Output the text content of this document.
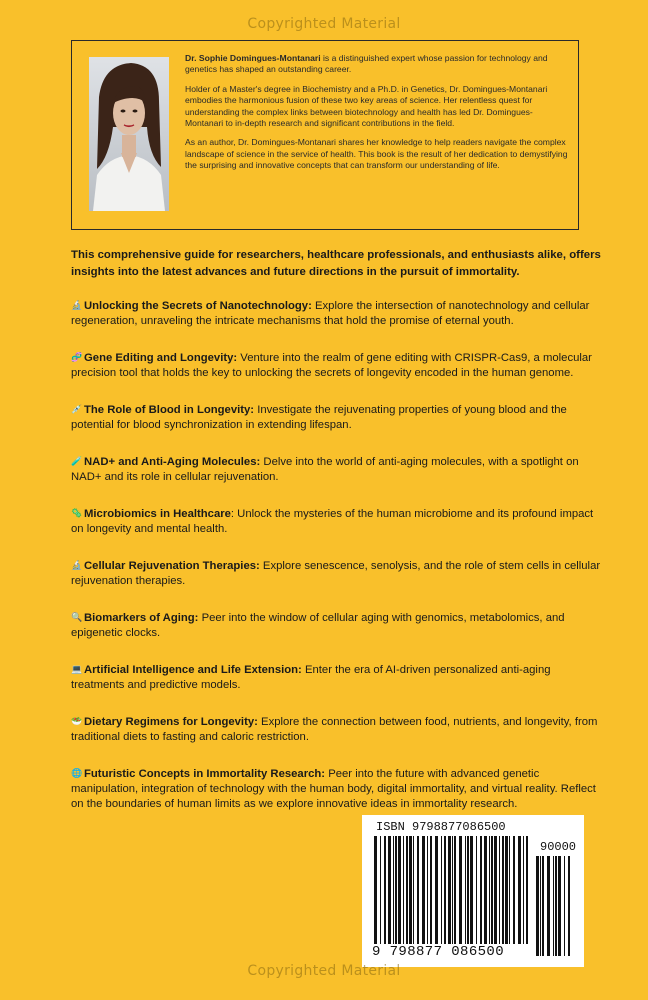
Copyrighted Material

Dr. Sophie Domingues-Montanari is a distinguished expert whose passion for technology and genetics has shaped an outstanding career.

Holder of a Master's degree in Biochemistry and a Ph.D. in Genetics, Dr. Domingues-Montanari embodies the harmonious fusion of these two key areas of science. Her relentless quest for understanding the complex links between biotechnology and health has led Dr. Domingues-Montanari to in-depth research and significant contributions in the field.

As an author, Dr. Domingues-Montanari shares her knowledge to help readers navigate the complex landscape of science in the service of health. This book is the result of her dedication to demystifying the surprising and innovative concepts that can transform our understanding of life.

This comprehensive guide for researchers, healthcare professionals, and enthusiasts alike, offers insights into the latest advances and future directions in the pursuit of immortality.

🔬 Unlocking the Secrets of Nanotechnology: Explore the intersection of nanotechnology and cellular regeneration, unraveling the intricate mechanisms that hold the promise of eternal youth.
🧬 Gene Editing and Longevity: Venture into the realm of gene editing with CRISPR-Cas9, a molecular precision tool that holds the key to unlocking the secrets of longevity encoded in the human genome.
💉 The Role of Blood in Longevity: Investigate the rejuvenating properties of young blood and the potential for blood synchronization in extending lifespan.
🧪 NAD+ and Anti-Aging Molecules: Delve into the world of anti-aging molecules, with a spotlight on NAD+ and its role in cellular rejuvenation.
🦠 Microbiomics in Healthcare: Unlock the mysteries of the human microbiome and its profound impact on longevity and mental health.
🔬 Cellular Rejuvenation Therapies: Explore senescence, senolysis, and the role of stem cells in cellular rejuvenation therapies.
🔍 Biomarkers of Aging: Peer into the window of cellular aging with genomics, metabolomics, and epigenetic clocks.
💻 Artificial Intelligence and Life Extension: Enter the era of AI-driven personalized anti-aging treatments and predictive models.
🥗 Dietary Regimens for Longevity: Explore the connection between food, nutrients, and longevity, from traditional diets to fasting and caloric restriction.
🌐 Futuristic Concepts in Immortality Research: Peer into the future with advanced genetic manipulation, integration of technology with the human body, digital immortality, and virtual reality. Reflect on the boundaries of human limits as we explore innovative ideas in immortality research.
ISBN 9798877086500
90000
9 798877 086500
Copyrighted Material
